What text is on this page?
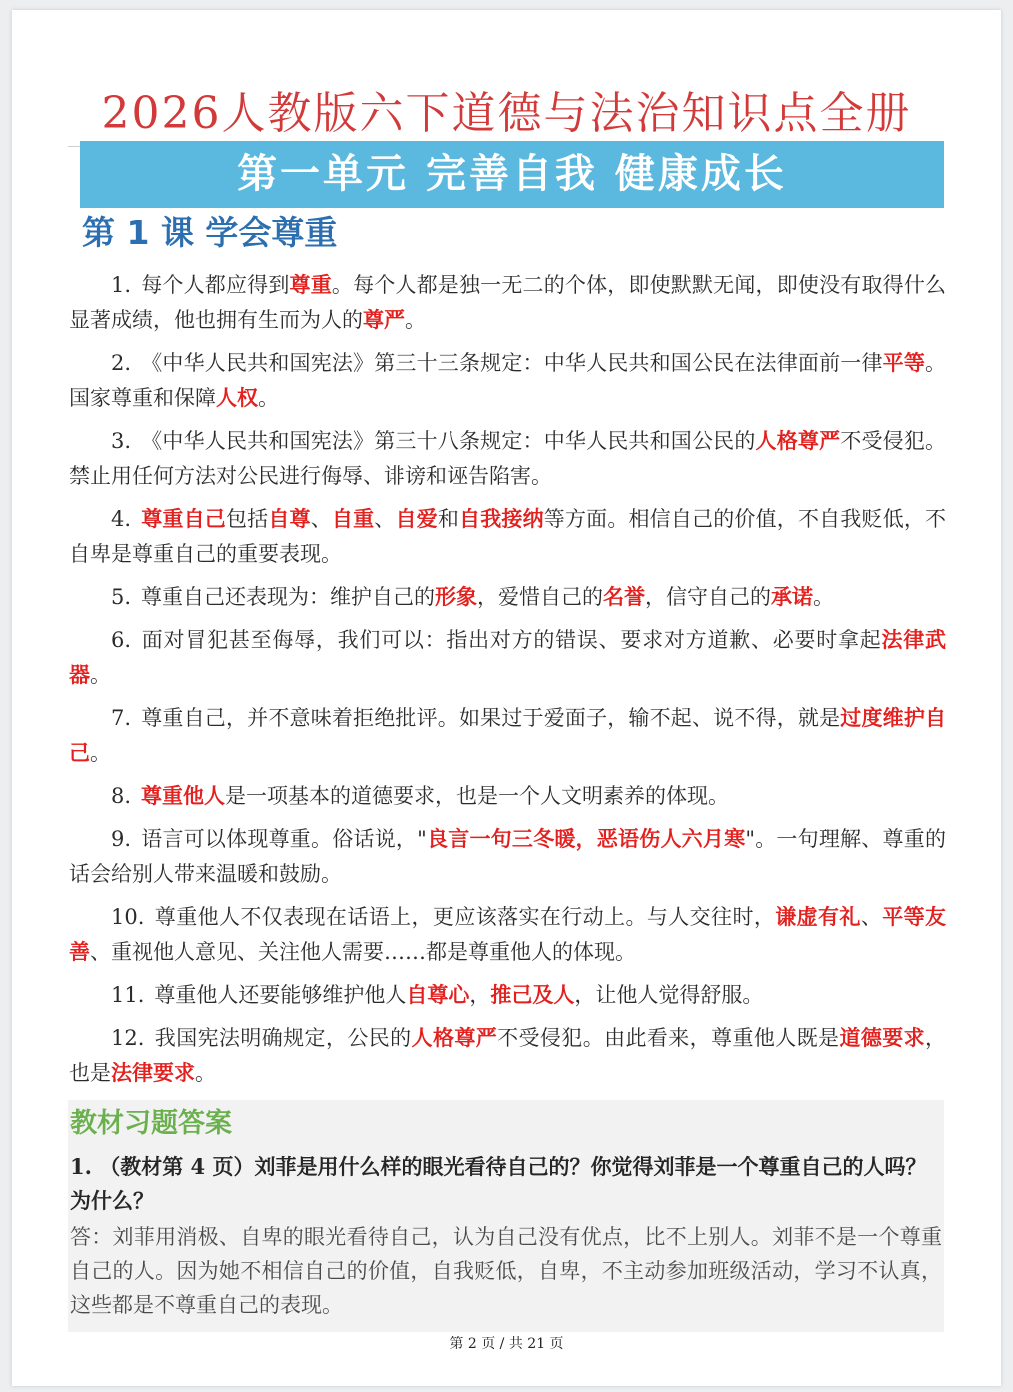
2026人教版六下道德与法治知识点全册
第一单元 完善自我 健康成长
第 1 课 学会尊重
1. 每个人都应得到尊重。每个人都是独一无二的个体，即使默默无闻，即使没有取得什么显著成绩，他也拥有生而为人的尊严。
2. 《中华人民共和国宪法》第三十三条规定：中华人民共和国公民在法律面前一律平等。国家尊重和保障人权。
3. 《中华人民共和国宪法》第三十八条规定：中华人民共和国公民的人格尊严不受侵犯。禁止用任何方法对公民进行侮辱、诽谤和诬告陷害。
4. 尊重自己包括自尊、自重、自爱和自我接纳等方面。相信自己的价值，不自我贬低，不自卑是尊重自己的重要表现。
5. 尊重自己还表现为：维护自己的形象，爱惜自己的名誉，信守自己的承诺。
6. 面对冒犯甚至侮辱，我们可以：指出对方的错误、要求对方道歉、必要时拿起法律武器。
7. 尊重自己，并不意味着拒绝批评。如果过于爱面子，输不起、说不得，就是过度维护自己。
8. 尊重他人是一项基本的道德要求，也是一个人文明素养的体现。
9. 语言可以体现尊重。俗话说，"良言一句三冬暖，恶语伤人六月寒"。一句理解、尊重的话会给别人带来温暖和鼓励。
10. 尊重他人不仅表现在话语上，更应该落实在行动上。与人交往时，谦虚有礼、平等友善、重视他人意见、关注他人需要……都是尊重他人的体现。
11. 尊重他人还要能够维护他人自尊心，推己及人，让他人觉得舒服。
12. 我国宪法明确规定，公民的人格尊严不受侵犯。由此看来，尊重他人既是道德要求，也是法律要求。
教材习题答案
1. （教材第 4 页）刘菲是用什么样的眼光看待自己的？你觉得刘菲是一个尊重自己的人吗？为什么？
答：刘菲用消极、自卑的眼光看待自己，认为自己没有优点，比不上别人。刘菲不是一个尊重自己的人。因为她不相信自己的价值，自我贬低，自卑，不主动参加班级活动，学习不认真，这些都是不尊重自己的表现。
第 2 页 / 共 21 页
